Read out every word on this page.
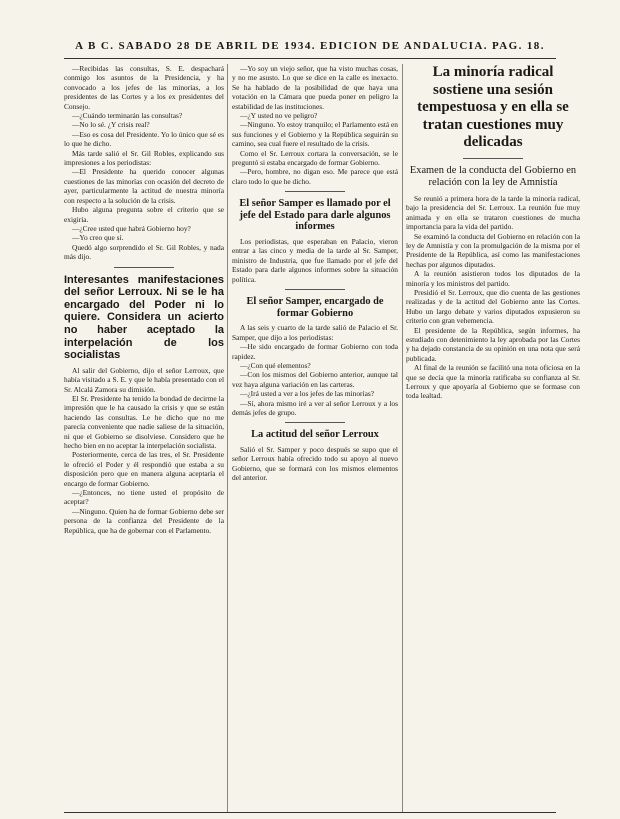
A B C. SABADO 28 DE ABRIL DE 1934. EDICION DE ANDALUCIA. PAG. 18.

—Recibidas las consultas, S. E. despachará conmigo los asuntos de la Presidencia, y ha convocado a los jefes de las minorías, a los presidentes de las Cortes y a los ex presidentes del Consejo.

—¿Cuándo terminarán las consultas?

—No lo sé. ¿Y crisis real?

—Eso es cosa del Presidente. Yo lo único que sé es lo que he dicho.

Más tarde salió el Sr. Gil Robles, explicando sus impresiones a los periodistas:

—El Presidente ha querido conocer algunas cuestiones de las minorías con ocasión del decreto de ayer, particularmente la actitud de nuestra minoría con respecto a la solución de la crisis.

Hubo alguna pregunta sobre el criterio que se exigiría.

—¿Cree usted que habrá Gobierno hoy?

—Yo creo que sí.

Quedó algo sorprendido el Sr. Gil Robles, y nada más dijo.

Interesantes manifestaciones del señor Lerroux. Ni se le ha encargado del Poder ni lo quiere. Considera un acierto no haber aceptado la interpelación de los socialistas

Al salir del Gobierno, dijo el señor Lerroux, que había visitado a S. E. y que le había presentado con el Sr. Alcalá Zamora su dimisión.

El Sr. Presidente ha tenido la bondad de decirme la impresión que le ha causado la crisis y que se están haciendo las consultas. Le he dicho que no me parecía conveniente que nadie saliese de la situación, ni que el Gobierno se disolviese. Considero que he hecho bien en no aceptar la interpelación socialista.

Posteriormente, cerca de las tres, el Sr. Presidente le ofreció el Poder y él respondió que estaba a su disposición pero que en manera alguna aceptaría el encargo de formar Gobierno.

—¿Entonces, no tiene usted el propósito de aceptar?

—Ninguno. Quien ha de formar Gobierno debe ser persona de la confianza del Presidente de la República, que ha de gobernar con el Parlamento.

—Yo soy un viejo señor, que ha visto muchas cosas, y no me asusto. Lo que se dice en la calle es inexacto. Se ha hablado de la posibilidad de que haya una votación en la Cámara que pueda poner en peligro la estabilidad de las instituciones.

—¿Y usted no ve peligro?

—Ninguno. Yo estoy tranquilo; el Parlamento está en sus funciones y el Gobierno y la República seguirán su camino, sea cual fuere el resultado de la crisis.

Como el Sr. Lerroux cortara la conversación, se le preguntó si estaba encargado de formar Gobierno.

—Pero, hombre, no digan eso. Me parece que está claro todo lo que he dicho.

El señor Samper es llamado por el jefe del Estado para darle algunos informes

Los periodistas, que esperaban en Palacio, vieron entrar a las cinco y media de la tarde al Sr. Samper, ministro de Industria, que fue llamado por el jefe del Estado para darle algunos informes sobre la situación política.

El señor Samper, encargado de formar Gobierno

A las seis y cuarto de la tarde salió de Palacio el Sr. Samper, que dijo a los periodistas:

—He sido encargado de formar Gobierno con toda rapidez.

—¿Con qué elementos?

—Con los mismos del Gobierno anterior, aunque tal vez haya alguna variación en las carteras.

—¿Irá usted a ver a los jefes de las minorías?

—Sí, ahora mismo iré a ver al señor Lerroux y a los demás jefes de grupo.

La actitud del señor Lerroux

Salió el Sr. Samper y poco después se supo que el señor Lerroux había ofrecido todo su apoyo al nuevo Gobierno, que se formará con los mismos elementos del anterior.

La minoría radical sostiene una sesión tempestuosa y en ella se tratan cuestiones muy delicadas
Examen de la conducta del Gobierno en relación con la ley de Amnistía

Se reunió a primera hora de la tarde la minoría radical, bajo la presidencia del Sr. Lerroux. La reunión fue muy animada y en ella se trataron cuestiones de mucha importancia para la vida del partido.

Se examinó la conducta del Gobierno en relación con la ley de Amnistía y con la promulgación de la misma por el Presidente de la República, así como las manifestaciones hechas por algunos diputados.

A la reunión asistieron todos los diputados de la minoría y los ministros del partido.

Presidió el Sr. Lerroux, que dio cuenta de las gestiones realizadas y de la actitud del Gobierno ante las Cortes. Hubo un largo debate y varios diputados expusieron su criterio con gran vehemencia.

El presidente de la República, según informes, ha estudiado con detenimiento la ley aprobada por las Cortes y ha dejado constancia de su opinión en una nota que será publicada.

Al final de la reunión se facilitó una nota oficiosa en la que se decía que la minoría ratificaba su confianza al Sr. Lerroux y que apoyaría al Gobierno que se formase con toda lealtad.
